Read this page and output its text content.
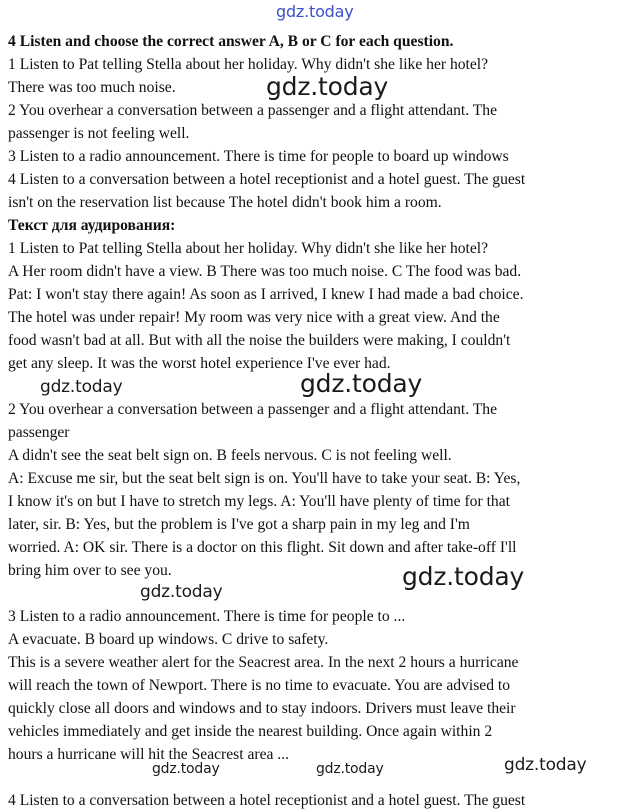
gdz.today
gdz.today
gdz.today	gdz.today
gdz.today
gdz.today
gdz.today	gdz.today	gdz.today
4 Listen and choose the correct answer A, B or C for each question.
1 Listen to Pat telling Stella about her holiday. Why didn't she like her hotel?
There was too much noise.
2 You overhear a conversation between a passenger and a flight attendant. The
passenger is not feeling well.
3 Listen to a radio announcement. There is time for people to board up windows
4 Listen to a conversation between a hotel receptionist and a hotel guest. The guest
isn't on the reservation list because The hotel didn't book him a room.
Текст для аудирования:
1 Listen to Pat telling Stella about her holiday. Why didn't she like her hotel?
A Her room didn't have a view. B There was too much noise. C The food was bad.
Pat: I won't stay there again! As soon as I arrived, I knew I had made a bad choice.
The hotel was under repair! My room was very nice with a great view. And the
food wasn't bad at all. But with all the noise the builders were making, I couldn't
get any sleep. It was the worst hotel experience I've ever had.
2 You overhear a conversation between a passenger and a flight attendant. The
passenger
A didn't see the seat belt sign on. B feels nervous. C is not feeling well.
A: Excuse me sir, but the seat belt sign is on. You'll have to take your seat. B: Yes,
I know it's on but I have to stretch my legs. A: You'll have plenty of time for that
later, sir. B: Yes, but the problem is I've got a sharp pain in my leg and I'm
worried. A: OK sir. There is a doctor on this flight. Sit down and after take-off I'll
bring him over to see you.
3 Listen to a radio announcement. There is time for people to ...
A evacuate. B board up windows. C drive to safety.
This is a severe weather alert for the Seacrest area. In the next 2 hours a hurricane
will reach the town of Newport. There is no time to evacuate. You are advised to
quickly close all doors and windows and to stay indoors. Drivers must leave their
vehicles immediately and get inside the nearest building. Once again within 2
hours a hurricane will hit the Seacrest area ...
4 Listen to a conversation between a hotel receptionist and a hotel guest. The guest
